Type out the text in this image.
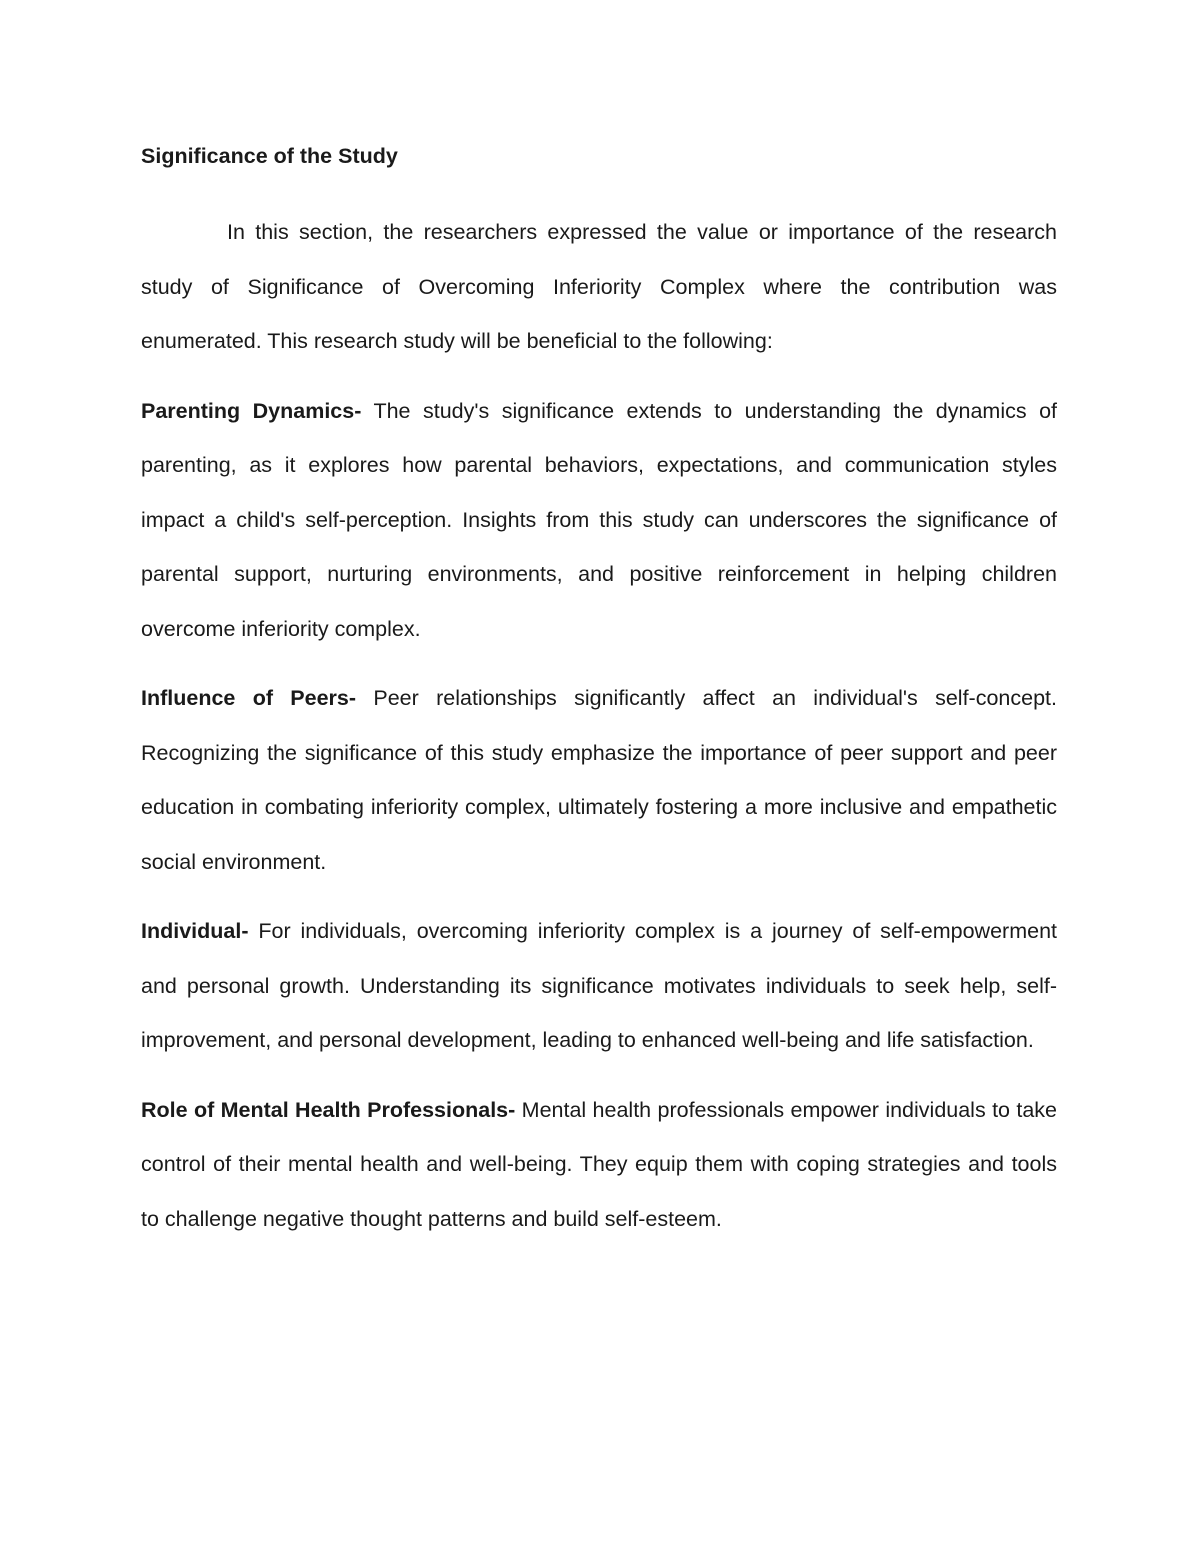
Significance of the Study

In this section, the researchers expressed the value or importance of the research study of Significance of Overcoming Inferiority Complex where the contribution was enumerated. This research study will be beneficial to the following:

Parenting Dynamics- The study's significance extends to understanding the dynamics of parenting, as it explores how parental behaviors, expectations, and communication styles impact a child's self-perception. Insights from this study can underscores the significance of parental support, nurturing environments, and positive reinforcement in helping children overcome inferiority complex.

Influence of Peers- Peer relationships significantly affect an individual's self-concept. Recognizing the significance of this study emphasize the importance of peer support and peer education in combating inferiority complex, ultimately fostering a more inclusive and empathetic social environment.

Individual- For individuals, overcoming inferiority complex is a journey of self-empowerment and personal growth. Understanding its significance motivates individuals to seek help, self-improvement, and personal development, leading to enhanced well-being and life satisfaction.

Role of Mental Health Professionals- Mental health professionals empower individuals to take control of their mental health and well-being. They equip them with coping strategies and tools to challenge negative thought patterns and build self-esteem.
